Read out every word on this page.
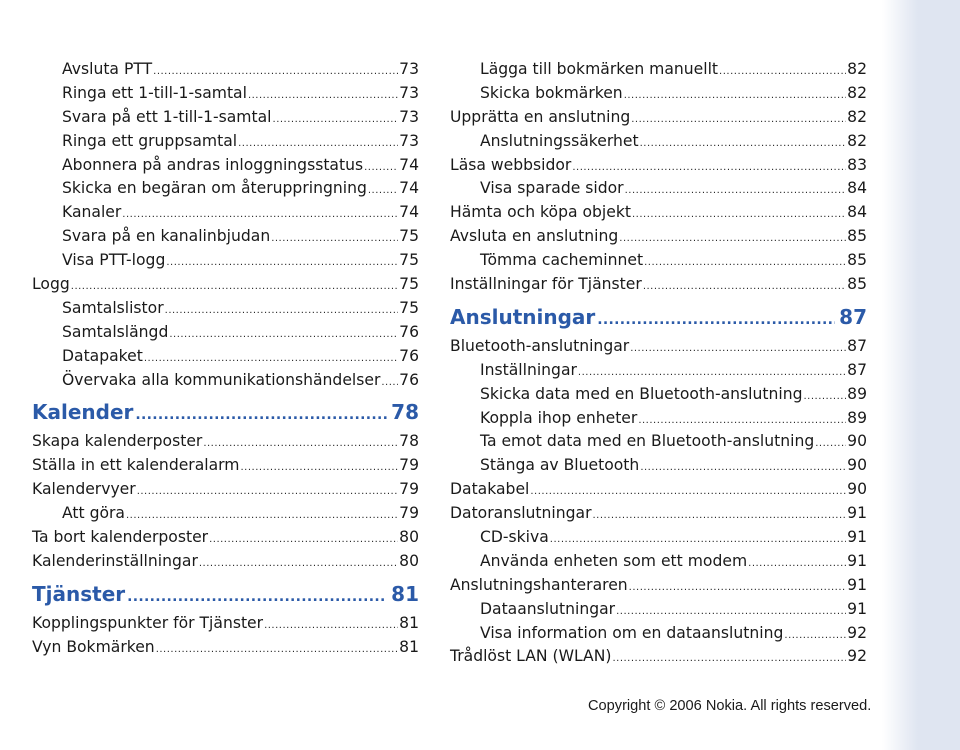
Avsluta PTT .....	73
Ringa ett 1-till-1-samtal .....	73
Svara på ett 1-till-1-samtal .....	73
Ringa ett gruppsamtal .....	73
Abonnera på andras inloggningsstatus ..... 74
Skicka en begäran om återuppringning ..... 74
Kanaler .....	74
Svara på en kanalinbjudan .....	75
Visa PTT-logg .....	75
Logg .....	75
Samtalslistor .....	75
Samtalslängd .....	76
Datapaket .....	76
Övervaka alla kommunikationshändelser ..... 76
Kalender .....	78
Skapa kalenderposter .....	78
Ställa in ett kalenderalarm .....	79
Kalendervyer .....	79
Att göra .....	79
Ta bort kalenderposter .....	80
Kalenderinställningar .....	80
Tjänster .....	81
Kopplingspunkter för Tjänster .....	81
Vyn Bokmärken .....	81
Lägga till bokmärken manuellt .....	82
Skicka bokmärken .....	82
Upprätta en anslutning .....	82
Anslutningssäkerhet .....	82
Läsa webbsidor .....	83
Visa sparade sidor .....	84
Hämta och köpa objekt .....	84
Avsluta en anslutning .....	85
Tömma cacheminnet .....	85
Inställningar för Tjänster .....	85
Anslutningar .....	87
Bluetooth-anslutningar .....	87
Inställningar .....	87
Skicka data med en Bluetooth-anslutning .....	89
Koppla ihop enheter .....	89
Ta emot data med en Bluetooth-anslutning ..... 90
Stänga av Bluetooth .....	90
Datakabel .....	90
Datoranslutningar .....	91
CD-skiva .....	91
Använda enheten som ett modem .....	91
Anslutningshanteraren .....	91
Dataanslutningar .....	91
Visa information om en dataanslutning .....	92
Trådlöst LAN (WLAN) .....	92
Copyright © 2006 Nokia. All rights reserved.
